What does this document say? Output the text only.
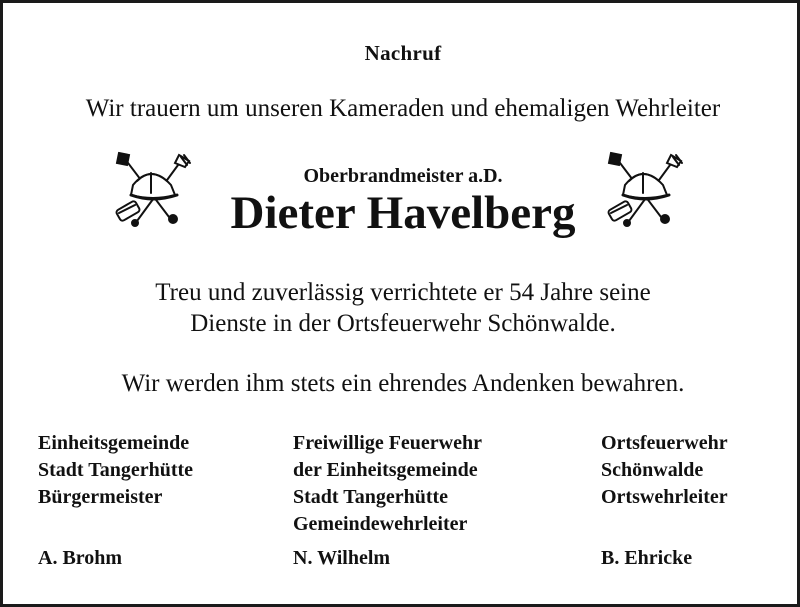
Nachruf
Wir trauern um unseren Kameraden und ehemaligen Wehrleiter
Oberbrandmeister a.D.
Dieter Havelberg
Treu und zuverlässig verrichtete er 54 Jahre seine
Dienste in der Ortsfeuerwehr Schönwalde.
Wir werden ihm stets ein ehrendes Andenken bewahren.
Einheitsgemeinde
Stadt Tangerhütte
Bürgermeister
Freiwillige Feuerwehr
der Einheitsgemeinde
Stadt Tangerhütte
Gemeindewehrleiter
Ortsfeuerwehr
Schönwalde
Ortswehrleiter
A. Brohm	N. Wilhelm	B. Ehricke
